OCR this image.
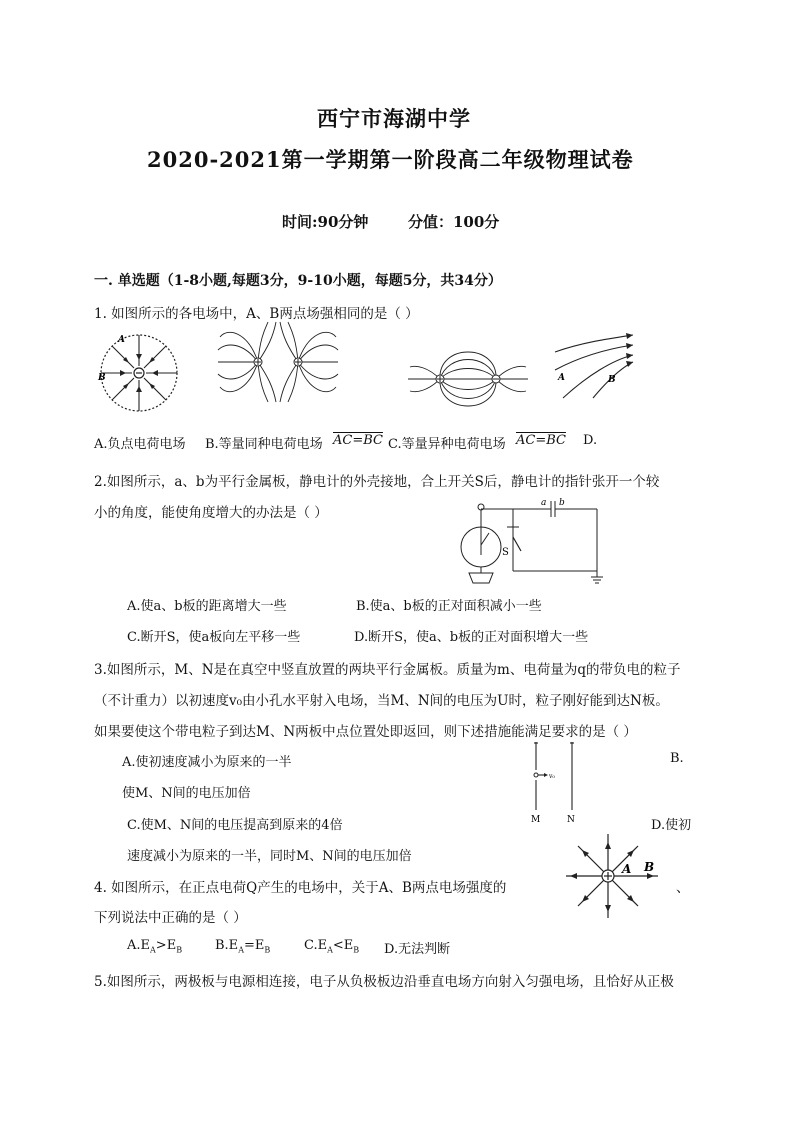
西宁市海湖中学
2020-2021第一学期第一阶段高二年级物理试卷
时间:90分钟	分值：100分
一. 单选题（1-8小题,每题3分，9-10小题，每题5分，共34分）
1. 如图所示的各电场中，A、B两点场强相同的是（ ）
A
B	A	B
A.负点电荷电场 B.等量同种电荷电场 AC=BC C.等量异种电荷电场 AC=BC D.
2.如图所示，a、b为平行金属板，静电计的外壳接地，合上开关S后，静电计的指针张开一个较
小的角度，能使角度增大的办法是（ ）
a b
S
A.使a、b板的距离增大一些	B.使a、b板的正对面积减小一些
C.断开S，使a板向左平移一些	D.断开S，使a、b板的正对面积增大一些
3.如图所示，M、N是在真空中竖直放置的两块平行金属板。质量为m、电荷量为q的带负电的粒子
（不计重力）以初速度v₀由小孔水平射入电场，当M、N间的电压为U时，粒子刚好能到达N板。
如果要使这个带电粒子到达M、N两板中点位置处即返回，则下述措施能满足要求的是（ ）
v₀
M	N
A.使初速度减小为原来的一半	B.
使M、N间的电压加倍
C.使M、N间的电压提高到原来的4倍	D.使初
速度减小为原来的一半，同时M、N间的电压加倍
4. 如图所示，在正点电荷Q产生的电场中，关于A、B两点电场强度的	、
下列说法中正确的是（ ）
A B
$A.E_A>E_B$	$B.E_A=E_B$	$C.E_A<E_B$ D.无法判断
5.如图所示，两极板与电源相连接，电子从负极板边沿垂直电场方向射入匀强电场，且恰好从正极
